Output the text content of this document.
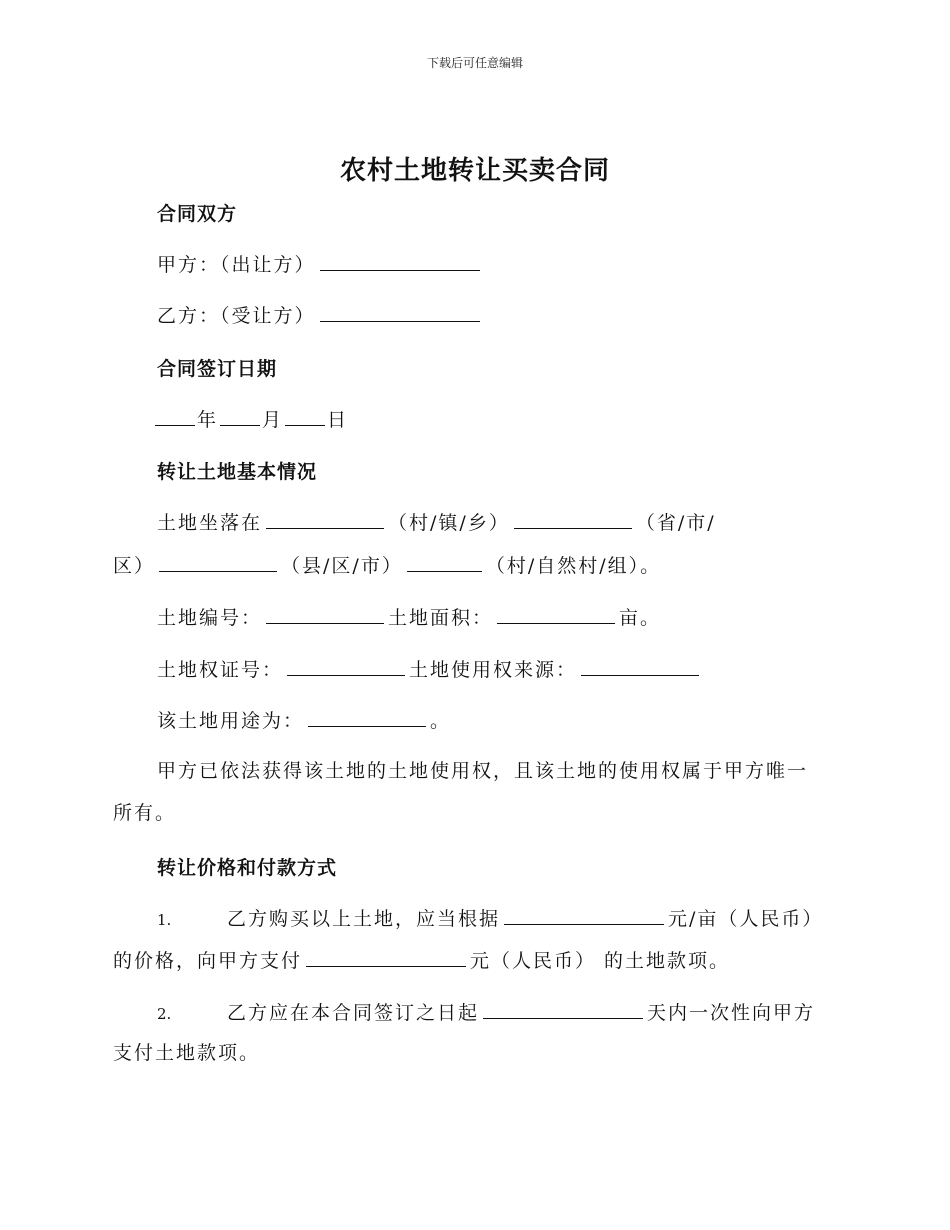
下载后可任意编辑
农村土地转让买卖合同
合同双方
甲方：（出让方）
乙方：（受让方）
合同签订日期
年 月 日
转让土地基本情况
土地坐落在	（村/镇/乡）	（省/市/
区）	（县/区/市）	（村/自然村/组）。
土地编号：	土地面积：	亩。
土地权证号：	土地使用权来源：
该土地用途为：	。
甲方已依法获得该土地的土地使用权，且该土地的使用权属于甲方唯一
所有。
转让价格和付款方式
1.	乙方购买以上土地，应当根据	元/亩（人民币）
的价格，向甲方支付	元（人民币） 的土地款项。
2.	乙方应在本合同签订之日起	天内一次性向甲方
支付土地款项。
